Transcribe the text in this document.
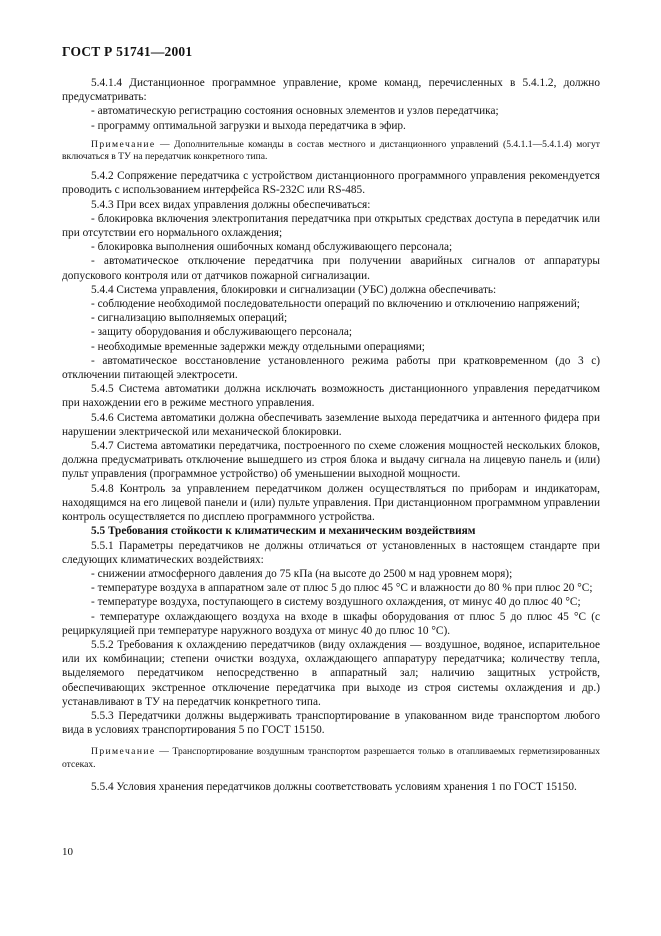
ГОСТ Р 51741—2001

5.4.1.4 Дистанционное программное управление, кроме команд, перечисленных в 5.4.1.2, должно предусматривать:

- автоматическую регистрацию состояния основных элементов и узлов передатчика;

- программу оптимальной загрузки и выхода передатчика в эфир.

Примечание — Дополнительные команды в состав местного и дистанционного управлений (5.4.1.1—5.4.1.4) могут включаться в ТУ на передатчик конкретного типа.

5.4.2 Сопряжение передатчика с устройством дистанционного программного управления рекомендуется проводить с использованием интерфейса RS-232C или RS-485.

5.4.3 При всех видах управления должны обеспечиваться:

- блокировка включения электропитания передатчика при открытых средствах доступа в передатчик или при отсутствии его нормального охлаждения;

- блокировка выполнения ошибочных команд обслуживающего персонала;

- автоматическое отключение передатчика при получении аварийных сигналов от аппаратуры допускового контроля или от датчиков пожарной сигнализации.

5.4.4 Система управления, блокировки и сигнализации (УБС) должна обеспечивать:

- соблюдение необходимой последовательности операций по включению и отключению напряжений;

- сигнализацию выполняемых операций;

- защиту оборудования и обслуживающего персонала;

- необходимые временные задержки между отдельными операциями;

- автоматическое восстановление установленного режима работы при кратковременном (до 3 с) отключении питающей электросети.

5.4.5 Система автоматики должна исключать возможность дистанционного управления передатчиком при нахождении его в режиме местного управления.

5.4.6 Система автоматики должна обеспечивать заземление выхода передатчика и антенного фидера при нарушении электрической или механической блокировки.

5.4.7 Система автоматики передатчика, построенного по схеме сложения мощностей нескольких блоков, должна предусматривать отключение вышедшего из строя блока и выдачу сигнала на лицевую панель и (или) пульт управления (программное устройство) об уменьшении выходной мощности.

5.4.8 Контроль за управлением передатчиком должен осуществляться по приборам и индикаторам, находящимся на его лицевой панели и (или) пульте управления. При дистанционном программном управлении контроль осуществляется по дисплею программного устройства.

5.5 Требования стойкости к климатическим и механическим воздействиям

5.5.1 Параметры передатчиков не должны отличаться от установленных в настоящем стандарте при следующих климатических воздействиях:

- снижении атмосферного давления до 75 кПа (на высоте до 2500 м над уровнем моря);

- температуре воздуха в аппаратном зале от плюс 5 до плюс 45 °С и влажности до 80 % при плюс 20 °С;

- температуре воздуха, поступающего в систему воздушного охлаждения, от минус 40 до плюс 40 °С;

- температуре охлаждающего воздуха на входе в шкафы оборудования от плюс 5 до плюс 45 °С (с рециркуляцией при температуре наружного воздуха от минус 40 до плюс 10 °С).

5.5.2 Требования к охлаждению передатчиков (виду охлаждения — воздушное, водяное, испарительное или их комбинации; степени очистки воздуха, охлаждающего аппаратуру передатчика; количеству тепла, выделяемого передатчиком непосредственно в аппаратный зал; наличию защитных устройств, обеспечивающих экстренное отключение передатчика при выходе из строя системы охлаждения и др.) устанавливают в ТУ на передатчик конкретного типа.

5.5.3 Передатчики должны выдерживать транспортирование в упакованном виде транспортом любого вида в условиях транспортирования 5 по ГОСТ 15150.

Примечание — Транспортирование воздушным транспортом разрешается только в отапливаемых герметизированных отсеках.

5.5.4 Условия хранения передатчиков должны соответствовать условиям хранения 1 по ГОСТ 15150.

10
